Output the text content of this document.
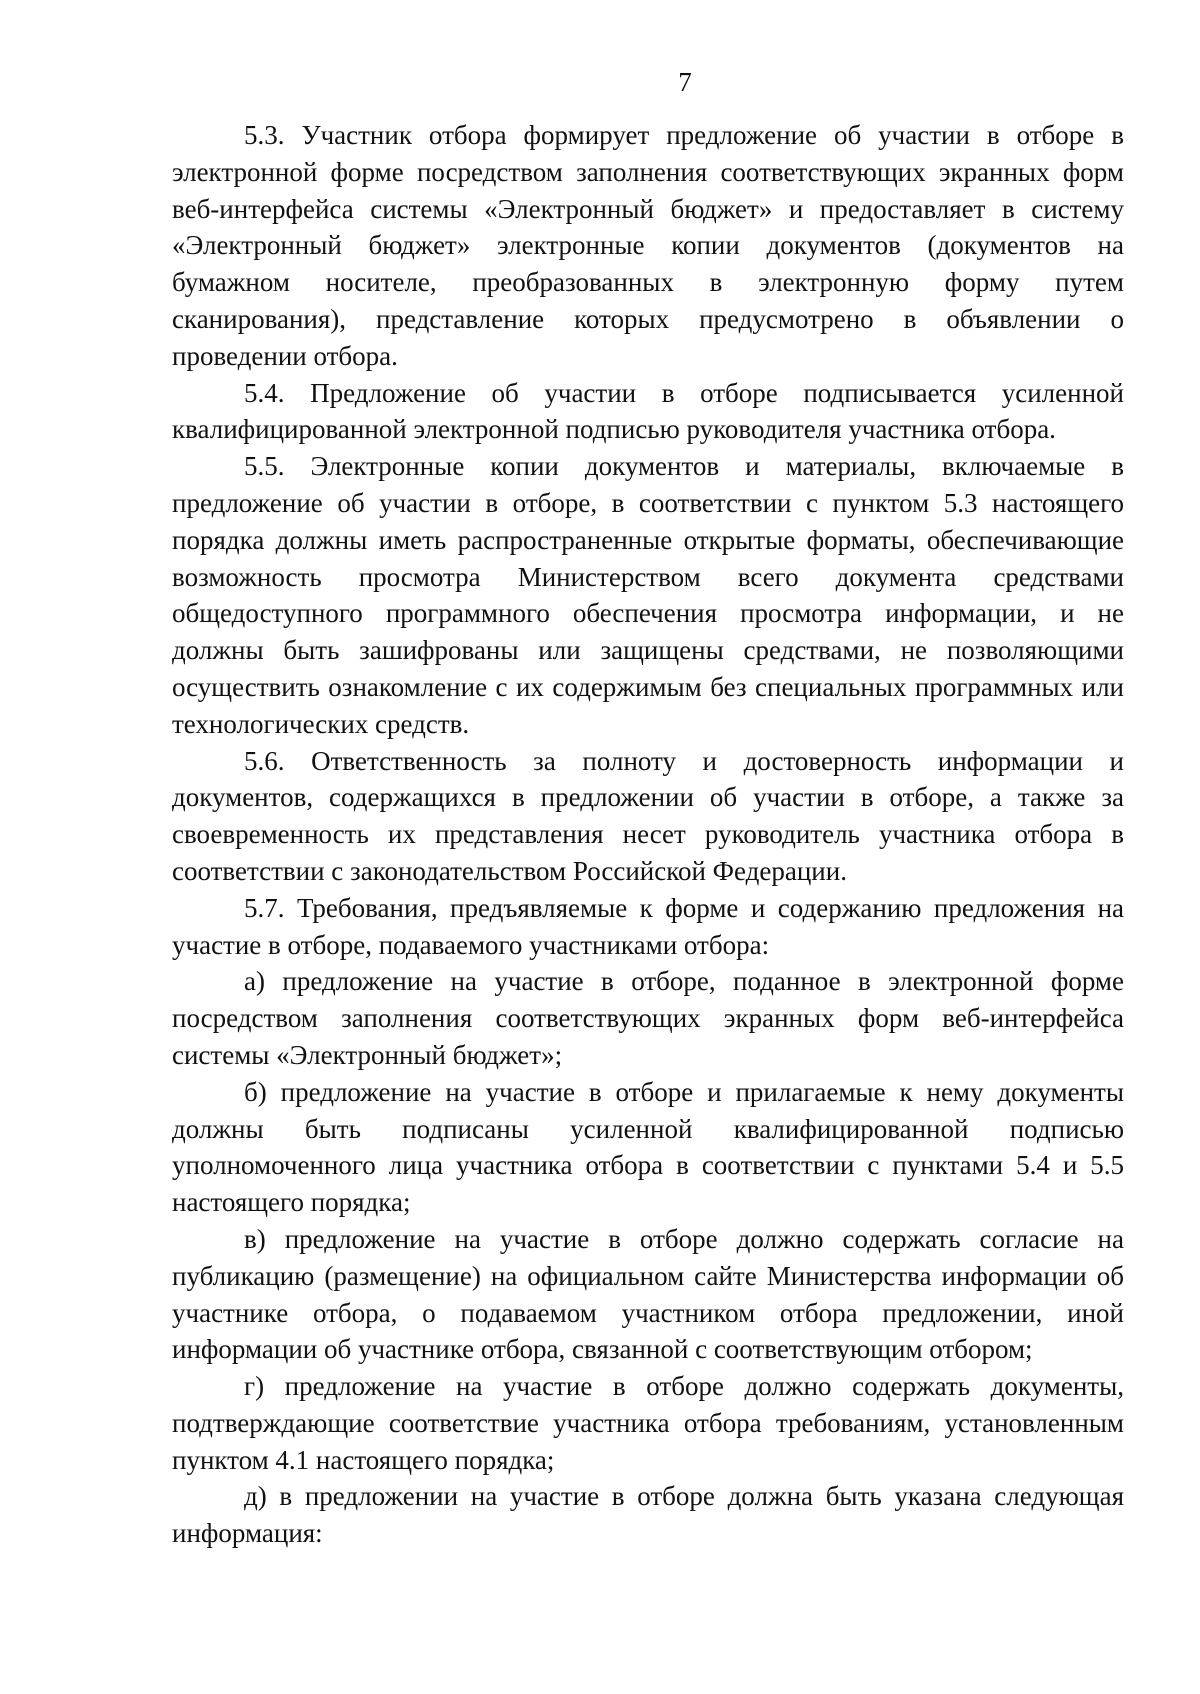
7

5.3. Участник отбора формирует предложение об участии в отборе в электронной форме посредством заполнения соответствующих экранных форм веб-интерфейса системы «Электронный бюджет» и предоставляет в систему «Электронный бюджет» электронные копии документов (документов на бумажном носителе, преобразованных в электронную форму путем сканирования), представление которых предусмотрено в объявлении о проведении отбора.

5.4. Предложение об участии в отборе подписывается усиленной квалифицированной электронной подписью руководителя участника отбора.

5.5. Электронные копии документов и материалы, включаемые в предложение об участии в отборе, в соответствии с пунктом 5.3 настоящего порядка должны иметь распространенные открытые форматы, обеспечивающие возможность просмотра Министерством всего документа средствами общедоступного программного обеспечения просмотра информации, и не должны быть зашифрованы или защищены средствами, не позволяющими осуществить ознакомление с их содержимым без специальных программных или технологических средств.

5.6. Ответственность за полноту и достоверность информации и документов, содержащихся в предложении об участии в отборе, а также за своевременность их представления несет руководитель участника отбора в соответствии с законодательством Российской Федерации.

5.7. Требования, предъявляемые к форме и содержанию предложения на участие в отборе, подаваемого участниками отбора:

а) предложение на участие в отборе, поданное в электронной форме посредством заполнения соответствующих экранных форм веб-интерфейса системы «Электронный бюджет»;

б) предложение на участие в отборе и прилагаемые к нему документы должны быть подписаны усиленной квалифицированной подписью уполномоченного лица участника отбора в соответствии с пунктами 5.4 и 5.5 настоящего порядка;

в) предложение на участие в отборе должно содержать согласие на публикацию (размещение) на официальном сайте Министерства информации об участнике отбора, о подаваемом участником отбора предложении, иной информации об участнике отбора, связанной с соответствующим отбором;

г) предложение на участие в отборе должно содержать документы, подтверждающие соответствие участника отбора требованиям, установленным пунктом 4.1 настоящего порядка;

д) в предложении на участие в отборе должна быть указана следующая информация:
